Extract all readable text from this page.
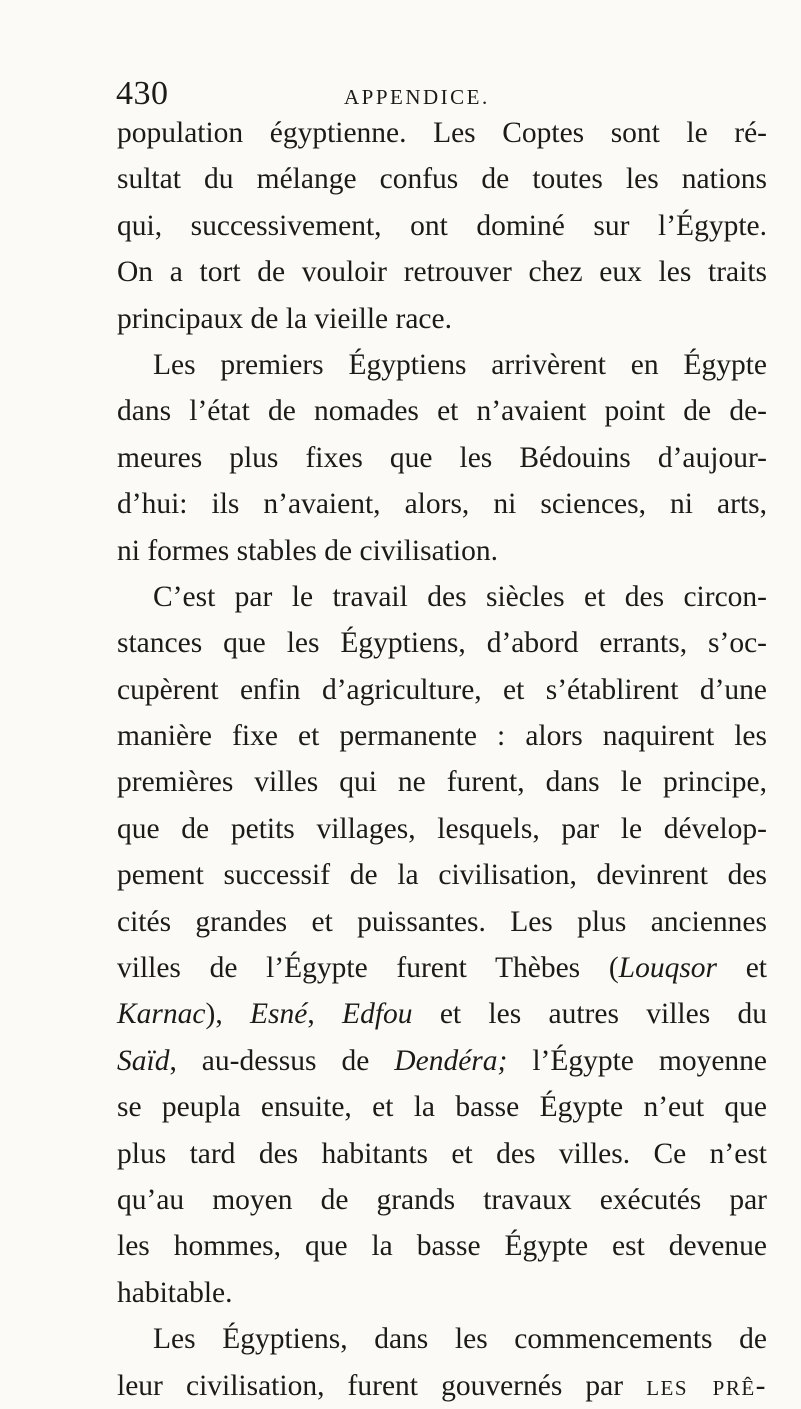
430	APPENDICE.
population égyptienne. Les Coptes sont le ré-
sultat du mélange confus de toutes les nations
qui, successivement, ont dominé sur l’Égypte.
On a tort de vouloir retrouver chez eux les traits
principaux de la vieille race.
Les premiers Égyptiens arrivèrent en Égypte
dans l’état de nomades et n’avaient point de de-
meures plus fixes que les Bédouins d’aujour-
d’hui: ils n’avaient, alors, ni sciences, ni arts,
ni formes stables de civilisation.
C’est par le travail des siècles et des circon-
stances que les Égyptiens, d’abord errants, s’oc-
cupèrent enfin d’agriculture, et s’établirent d’une
manière fixe et permanente : alors naquirent les
premières villes qui ne furent, dans le principe,
que de petits villages, lesquels, par le dévelop-
pement successif de la civilisation, devinrent des
cités grandes et puissantes. Les plus anciennes
villes de l’Égypte furent Thèbes (Louqsor et
Karnac), Esné, Edfou et les autres villes du
Saïd, au-dessus de Dendéra; l’Égypte moyenne
se peupla ensuite, et la basse Égypte n’eut que
plus tard des habitants et des villes. Ce n’est
qu’au moyen de grands travaux exécutés par
les hommes, que la basse Égypte est devenue
habitable.
Les Égyptiens, dans les commencements de
leur civilisation, furent gouvernés par les prê-
